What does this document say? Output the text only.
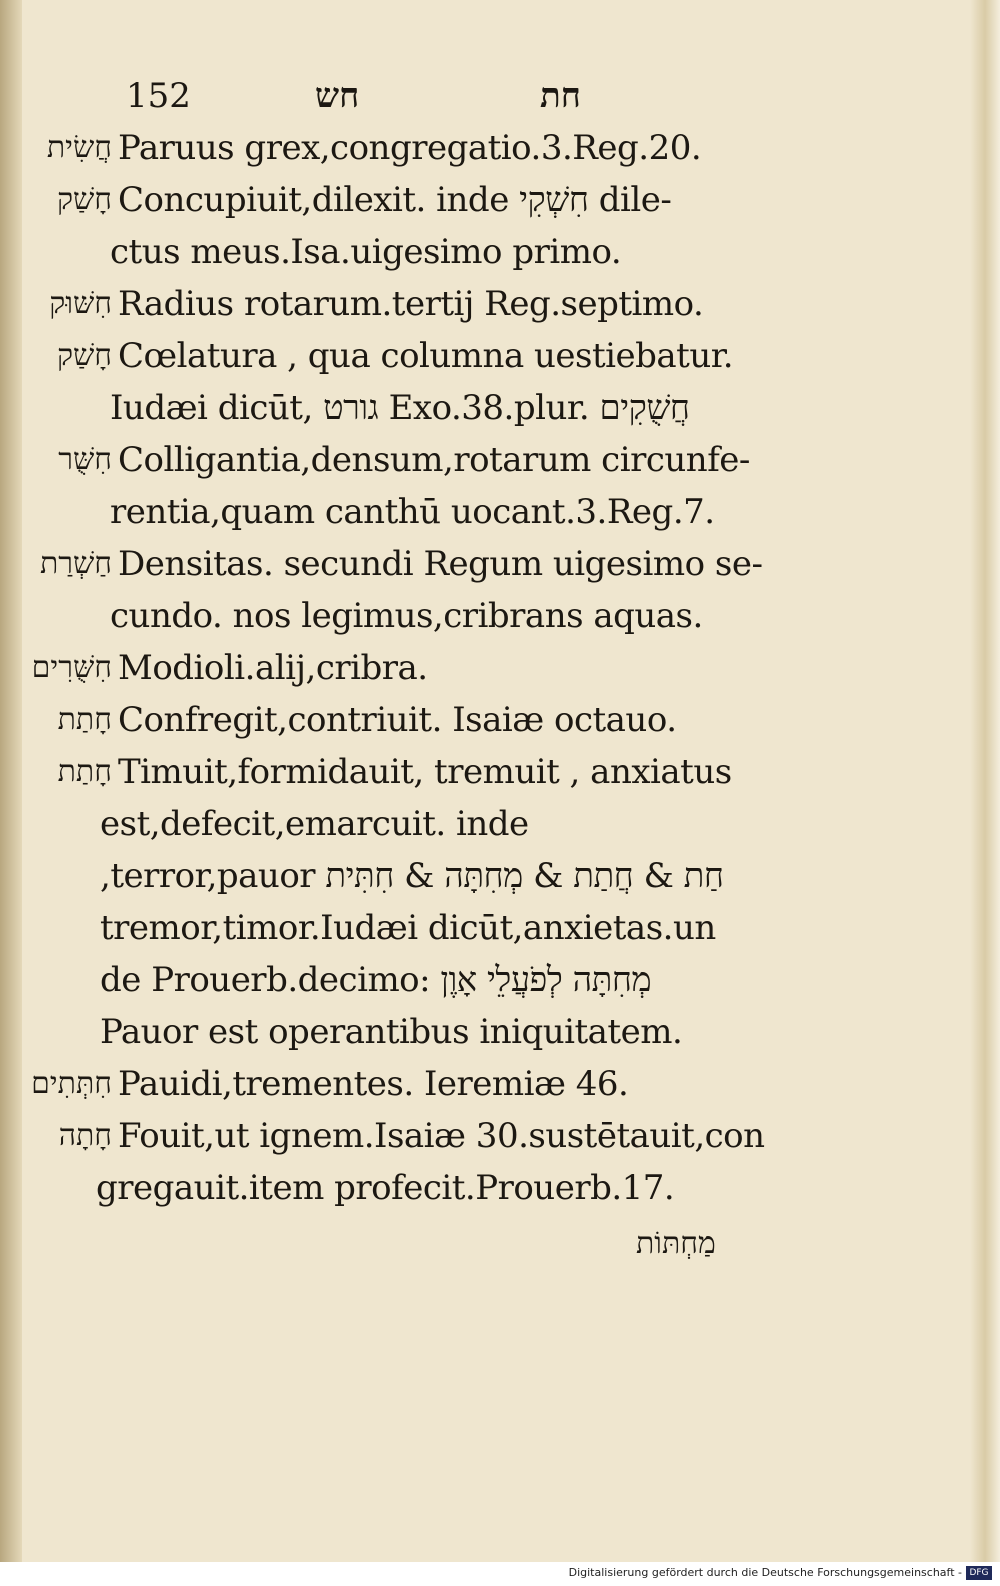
152	חש	חת
חֲשִׂית Paruus grex,congregatio.3.Reg.20.
חָשַׁק Concupiuit,dilexit. inde חִשְׁקִי dile-
ctus meus.Isa.uigesimo primo.
חִשּׁוּק Radius rotarum.tertij Reg.septimo.
חָשַׁק Cœlatura , qua columna uestiebatur.
Iudæi dicūt, גורט Exo.38.plur. חֲשֻׁקִים
חִשֻּׁר Colligantia,densum,rotarum circunfe-
rentia,quam canthū uocant.3.Reg.7.
חַשְׁרַת Densitas. secundi Regum uigesimo se-
cundo. nos legimus,cribrans aquas.
חִשֻּׁרִים Modioli.alij,cribra.
חָתַת Confregit,contriuit. Isaiæ octauo.
חָתַת Timuit,formidauit, tremuit , anxiatus
est,defecit,emarcuit. inde
חַת & חֲתַת & מְחִתָּה & חִתִּית terror,pauor,
tremor,timor.Iudæi dicūt,anxietas.un
de Prouerb.decimo: מְחִתָּה לְפֹעֲלֵי אָוֶן
Pauor est operantibus iniquitatem.
חִתְּתִים Pauidi,trementes. Ieremiæ 46.
חָתָה Fouit,ut ignem.Isaiæ 30.sustētauit,con
gregauit.item profecit.Prouerb.17.
מַחְתּוֹת
Digitalisierung gefördert durch die Deutsche Forschungsgemeinschaft - DFG
